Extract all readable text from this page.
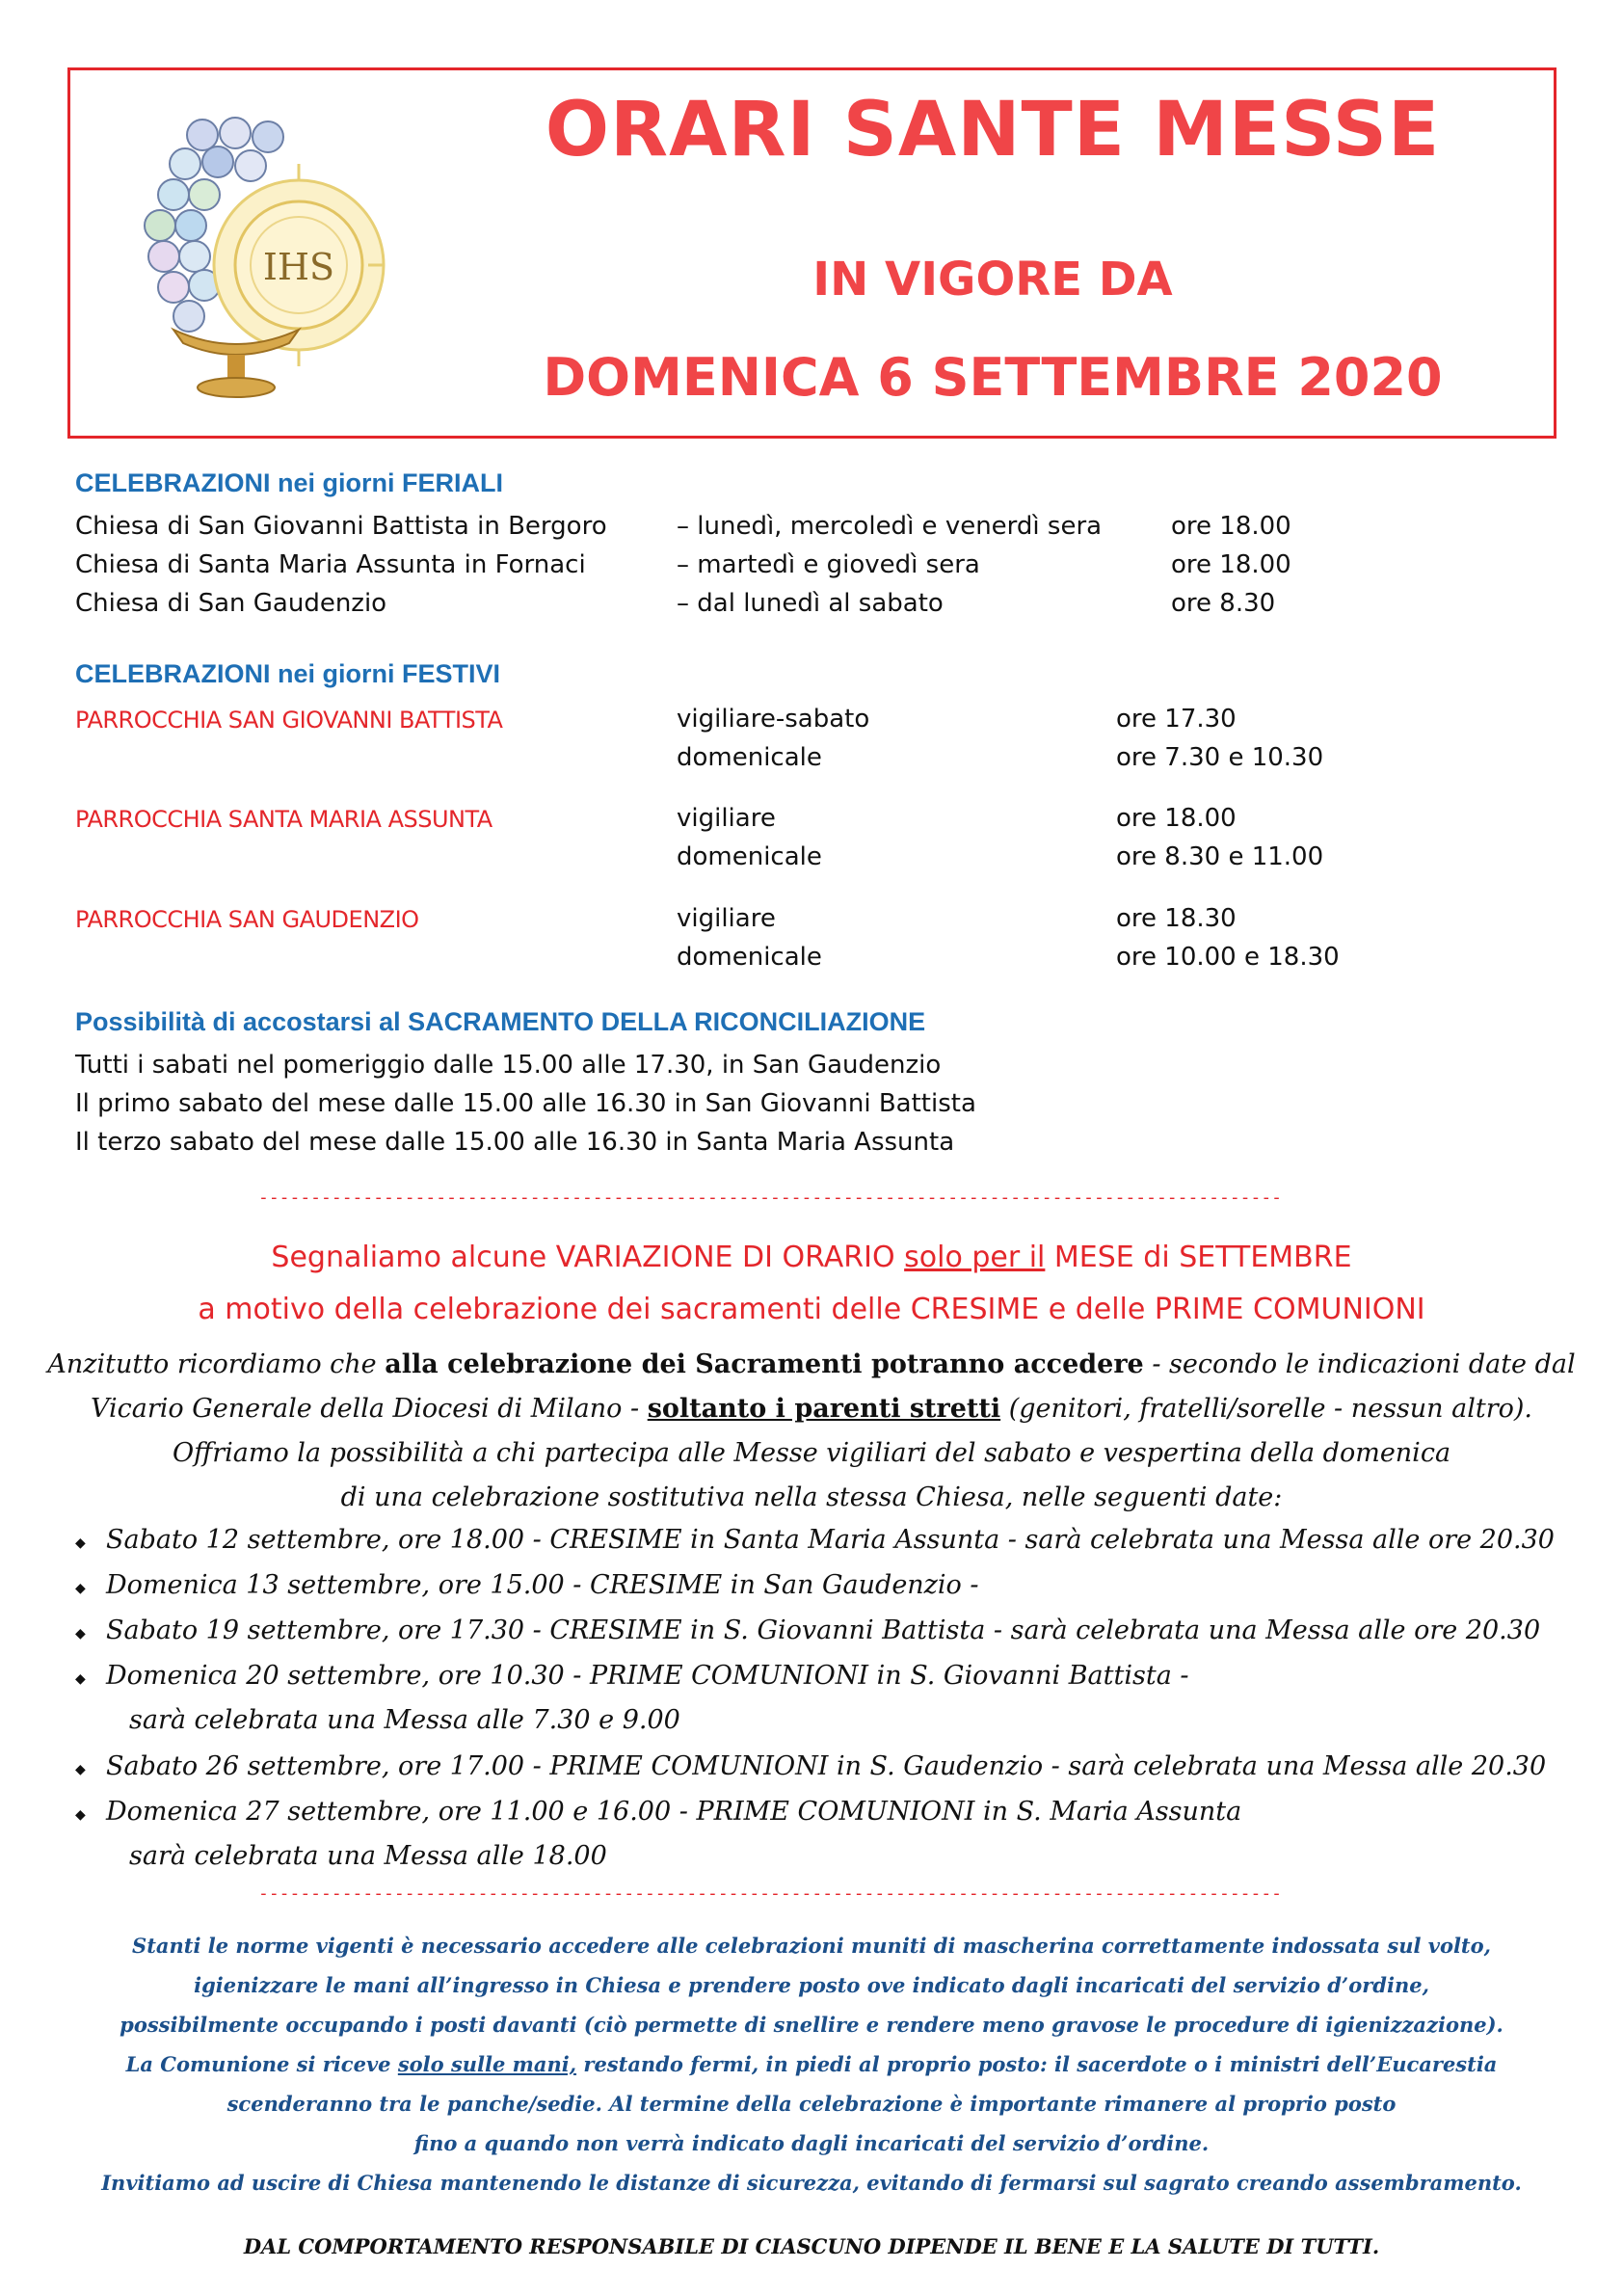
IHS
ORARI SANTE MESSE
IN VIGORE DA
DOMENICA 6 SETTEMBRE 2020
CELEBRAZIONI nei giorni FERIALI
Chiesa di San Giovanni Battista in Bergoro	– lunedì, mercoledì e venerdì sera	ore 18.00
Chiesa di Santa Maria Assunta in Fornaci	– martedì e giovedì sera	ore 18.00
Chiesa di San Gaudenzio	– dal lunedì al sabato	ore 8.30
CELEBRAZIONI nei giorni FESTIVI
PARROCCHIA SAN GIOVANNI BATTISTA	vigiliare-sabato	ore 17.30
domenicale	ore 7.30 e 10.30
PARROCCHIA SANTA MARIA ASSUNTA	vigiliare	ore 18.00
domenicale	ore 8.30 e 11.00
PARROCCHIA SAN GAUDENZIO	vigiliare	ore 18.30
domenicale	ore 10.00 e 18.30
Possibilità di accostarsi al SACRAMENTO DELLA RICONCILIAZIONE
Tutti i sabati nel pomeriggio dalle 15.00 alle 17.30, in San Gaudenzio
Il primo sabato del mese dalle 15.00 alle 16.30 in San Giovanni Battista
Il terzo sabato del mese dalle 15.00 alle 16.30 in Santa Maria Assunta
--------------------------------------------------------------------------------------------------
Segnaliamo alcune VARIAZIONE DI ORARIO solo per il MESE di SETTEMBRE
a motivo della celebrazione dei sacramenti delle CRESIME e delle PRIME COMUNIONI
Anzitutto ricordiamo che alla celebrazione dei Sacramenti potranno accedere - secondo le indicazioni date dal
Vicario Generale della Diocesi di Milano - soltanto i parenti stretti (genitori, fratelli/sorelle - nessun altro).
Offriamo la possibilità a chi partecipa alle Messe vigiliari del sabato e vespertina della domenica
di una celebrazione sostitutiva nella stessa Chiesa, nelle seguenti date:
◆ Sabato 12 settembre, ore 18.00 - CRESIME in Santa Maria Assunta - sarà celebrata una Messa alle ore 20.30
◆ Domenica 13 settembre, ore 15.00 - CRESIME in San Gaudenzio -
◆ Sabato 19 settembre, ore 17.30 - CRESIME in S. Giovanni Battista - sarà celebrata una Messa alle ore 20.30
◆ Domenica 20 settembre, ore 10.30 - PRIME COMUNIONI in S. Giovanni Battista -
sarà celebrata una Messa alle 7.30 e 9.00
◆ Sabato 26 settembre, ore 17.00 - PRIME COMUNIONI in S. Gaudenzio - sarà celebrata una Messa alle 20.30
◆ Domenica 27 settembre, ore 11.00 e 16.00 - PRIME COMUNIONI in S. Maria Assunta
sarà celebrata una Messa alle 18.00
--------------------------------------------------------------------------------------------------
Stanti le norme vigenti è necessario accedere alle celebrazioni muniti di mascherina correttamente indossata sul volto,
igienizzare le mani all’ingresso in Chiesa e prendere posto ove indicato dagli incaricati del servizio d’ordine,
possibilmente occupando i posti davanti (ciò permette di snellire e rendere meno gravose le procedure di igienizzazione).
La Comunione si riceve solo sulle mani, restando fermi, in piedi al proprio posto: il sacerdote o i ministri dell’Eucarestia
scenderanno tra le panche/sedie. Al termine della celebrazione è importante rimanere al proprio posto
fino a quando non verrà indicato dagli incaricati del servizio d’ordine.
Invitiamo ad uscire di Chiesa mantenendo le distanze di sicurezza, evitando di fermarsi sul sagrato creando assembramento.
DAL COMPORTAMENTO RESPONSABILE DI CIASCUNO DIPENDE IL BENE E LA SALUTE DI TUTTI.
